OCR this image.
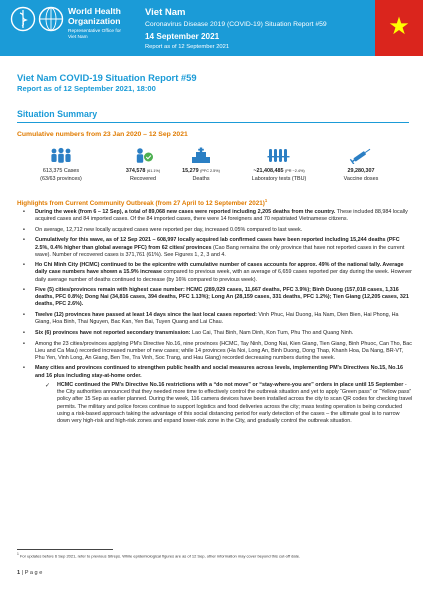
World Health Organization
Representative Office for Viet Nam
Viet Nam
Coronavirus Disease 2019 (COVID-19) Situation Report #59
14 September 2021
Report as of 12 September 2021
★
Viet Nam COVID-19 Situation Report #59
Report as of 12 September 2021, 18:00
Situation Summary
Cumulative numbers from 23 Jan 2020 – 12 Sep 2021
613,375 Cases
(63/63 provinces)
374,578 (61.1%)
Recovered
15,279 (PFC 2.5%)
Deaths
~21,408,485 (PR ~2.4%)
Laboratory tests (TBU)
29,280,307
Vaccine doses
Highlights from Current Community Outbreak (from 27 April to 12 September 2021)$^1$
• During the week (from 6 – 12 Sep), a total of 89,068 new cases were reported including 2,205 deaths from the country. These included 88,984 locally acquired cases and 84 imported cases. Of the 84 imported cases, there were 14 foreigners and 70 repatriated Vietnamese citizens.
• On average, 12,712 new locally acquired cases were reported per day, increased 0.05% compared to last week.
• Cumulatively for this wave, as of 12 Sep 2021 – 608,997 locally acquired lab confirmed cases have been reported including 15,244 deaths (PFC 2.5%, 0.4% higher than global average PFC) from 62 cities/ provinces (Cao Bang remains the only province that have not reported cases in the current wave). Number of recovered cases is 371,761 (61%). See Figures 1, 2, 3 and 4.
• Ho Chi Minh City (HCMC) continued to be the epicentre with cumulative number of cases accounts for approx. 49% of the national tally. Average daily case numbers have shown a 15.9% increase compared to previous week, with an average of 6,659 cases reported per day during the week. However daily average number of deaths continued to decrease (by 16% compared to previous week).
• Five (5) cities/provinces remain with highest case number: HCMC (289,029 cases, 11,667 deaths, PFC 3.9%); Binh Duong (157,018 cases, 1,316 deaths, PFC 0.8%); Dong Nai (34,816 cases, 394 deaths, PFC 1.13%); Long An (28,159 cases, 331 deaths, PFC 1.2%); Tien Giang (12,205 cases, 321 deaths, PFC 2.6%).
• Twelve (12) provinces have passed at least 14 days since the last local cases reported: Vinh Phuc, Hai Duong, Ha Nam, Dien Bien, Hai Phong, Ha Giang, Hoa Binh, Thai Nguyen, Bac Kan, Yen Bai, Tuyen Quang and Lai Chau.
• Six (6) provinces have not reported secondary transmission: Lao Cai, Thai Binh, Nam Dinh, Kon Tum, Phu Tho and Quang Ninh.
• Among the 23 cities/provinces applying PM’s Directive No.16, nine provinces (HCMC, Tay Ninh, Dong Nai, Kien Giang, Tien Giang, Binh Phuoc, Can Tho, Bac Lieu and Ca Mau) recorded increased number of new cases; while 14 provinces (Ha Noi, Long An, Binh Duong, Dong Thap, Khanh Hoa, Da Nang, BR-VT, Phu Yen, Vinh Long, An Giang, Ben Tre, Tra Vinh, Soc Trang, and Hau Giang) recorded decreasing numbers during the week.
• Many cities and provinces continued to strengthen public health and social measures across levels, implementing PM’s Directives No.15, No.16 and 16 plus including stay-at-home order.
✓ HCMC continued the PM’s Directive No.16 restrictions with a “do not move” or “stay-where-you are” orders in place until 15 September - the City authorities announced that they needed more time to effectively control the outbreak situation and yet to apply “Green pass” or “Yellow pass” policy after 15 Sep as earlier planned. During the week, 116 camera devices have been installed across the city to scan QR codes for checking travel permits. The military and police forces continue to support logistics and food deliveries across the city; mass testing operation is being conducted using a risk-based approach taking the advantage of this social distancing period for early detection of the cases – the ultimate goal is to narrow down very high-risk and high-risk zones and expand lower-risk zone in the City, and gradually control the outbreak situation.
$^1$ For updates before 6 Sep 2021, refer to previous Sitreps. While epidemiological figures are as of 12 Sep, other information may cover beyond this cut-off date.
1 | P a g e
